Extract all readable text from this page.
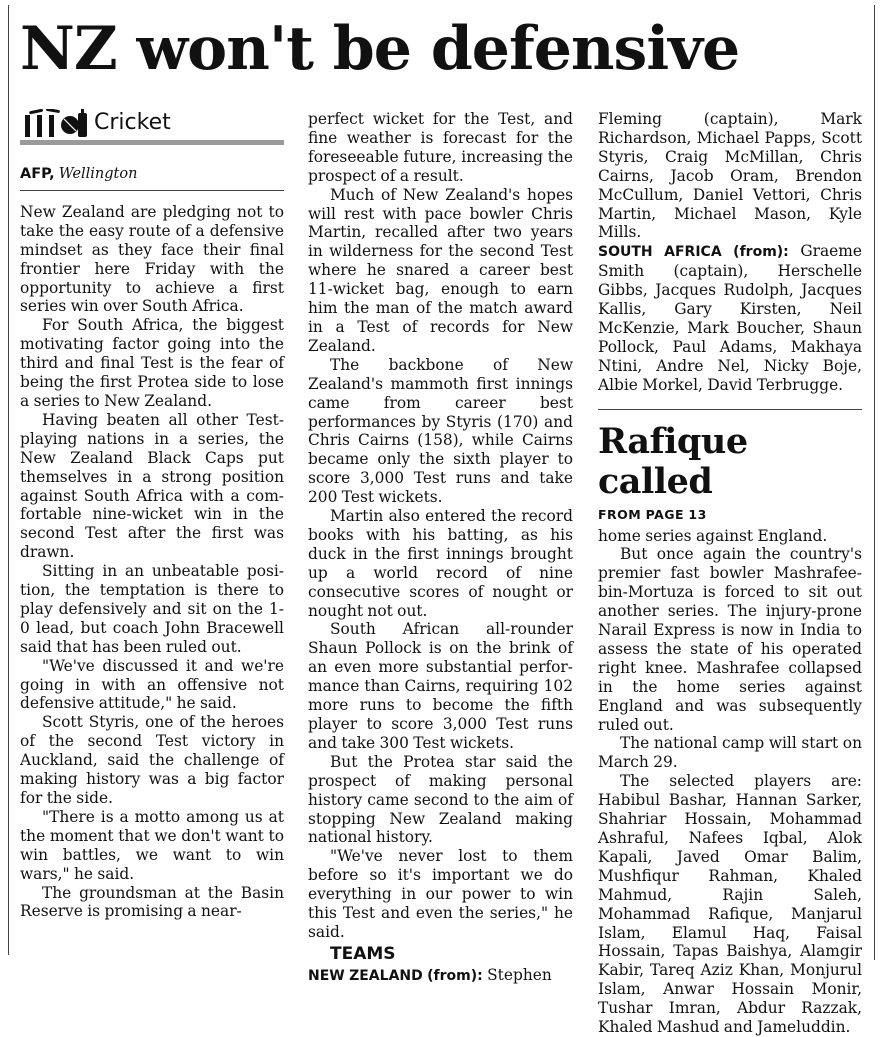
NZ won't be defensive
Cricket
AFP, Wellington

New Zealand are pledging not to take the easy route of a defensive mindset as they face their final frontier here Friday with the opportunity to achieve a first series win over South Africa.

For South Africa, the biggest motivating factor going into the third and final Test is the fear of being the first Protea side to lose a series to New Zealand.

Having beaten all other Test-playing nations in a series, the New Zealand Black Caps put themselves in a strong position against South Africa with a com-fortable nine-wicket win in the second Test after the first was drawn.

Sitting in an unbeatable posi-tion, the temptation is there to play defensively and sit on the 1-0 lead, but coach John Bracewell said that has been ruled out.

"We've discussed it and we're going in with an offensive not defensive attitude," he said.

Scott Styris, one of the heroes of the second Test victory in Auckland, said the challenge of making history was a big factor for the side.

"There is a motto among us at the moment that we don't want to win battles, we want to win wars," he said.

The groundsman at the Basin Reserve is promising a near-

perfect wicket for the Test, and fine weather is forecast for the foreseeable future, increasing the prospect of a result.

Much of New Zealand's hopes will rest with pace bowler Chris Martin, recalled after two years in wilderness for the second Test where he snared a career best 11-wicket bag, enough to earn him the man of the match award in a Test of records for New Zealand.

The backbone of New Zealand's mammoth first innings came from career best performances by Styris (170) and Chris Cairns (158), while Cairns became only the sixth player to score 3,000 Test runs and take 200 Test wickets.

Martin also entered the record books with his batting, as his duck in the first innings brought up a world record of nine consecutive scores of nought or nought not out.

South African all-rounder Shaun Pollock is on the brink of an even more substantial perfor-mance than Cairns, requiring 102 more runs to become the fifth player to score 3,000 Test runs and take 300 Test wickets.

But the Protea star said the prospect of making personal history came second to the aim of stopping New Zealand making national history.

"We've never lost to them before so it's important we do everything in our power to win this Test and even the series," he said.

TEAMS

NEW ZEALAND (from): Stephen

Fleming (captain), Mark Richardson, Michael Papps, Scott Styris, Craig McMillan, Chris Cairns, Jacob Oram, Brendon McCullum, Daniel Vettori, Chris Martin, Michael Mason, Kyle Mills.

SOUTH AFRICA (from): Graeme Smith (captain), Herschelle Gibbs, Jacques Rudolph, Jacques Kallis, Gary Kirsten, Neil McKenzie, Mark Boucher, Shaun Pollock, Paul Adams, Makhaya Ntini, Andre Nel, Nicky Boje, Albie Morkel, David Terbrugge.

Rafique called
FROM PAGE 13

home series against England.

But once again the country's premier fast bowler Mashrafee-bin-Mortuza is forced to sit out another series. The injury-prone Narail Express is now in India to assess the state of his operated right knee. Mashrafee collapsed in the home series against England and was subsequently ruled out.

The national camp will start on March 29.

The selected players are: Habibul Bashar, Hannan Sarker, Shahriar Hossain, Mohammad Ashraful, Nafees Iqbal, Alok Kapali, Javed Omar Balim, Mushfiqur Rahman, Khaled Mahmud, Rajin Saleh, Mohammad Rafique, Manjarul Islam, Elamul Haq, Faisal Hossain, Tapas Baishya, Alamgir Kabir, Tareq Aziz Khan, Monjurul Islam, Anwar Hossain Monir, Tushar Imran, Abdur Razzak, Khaled Mashud and Jameluddin.
